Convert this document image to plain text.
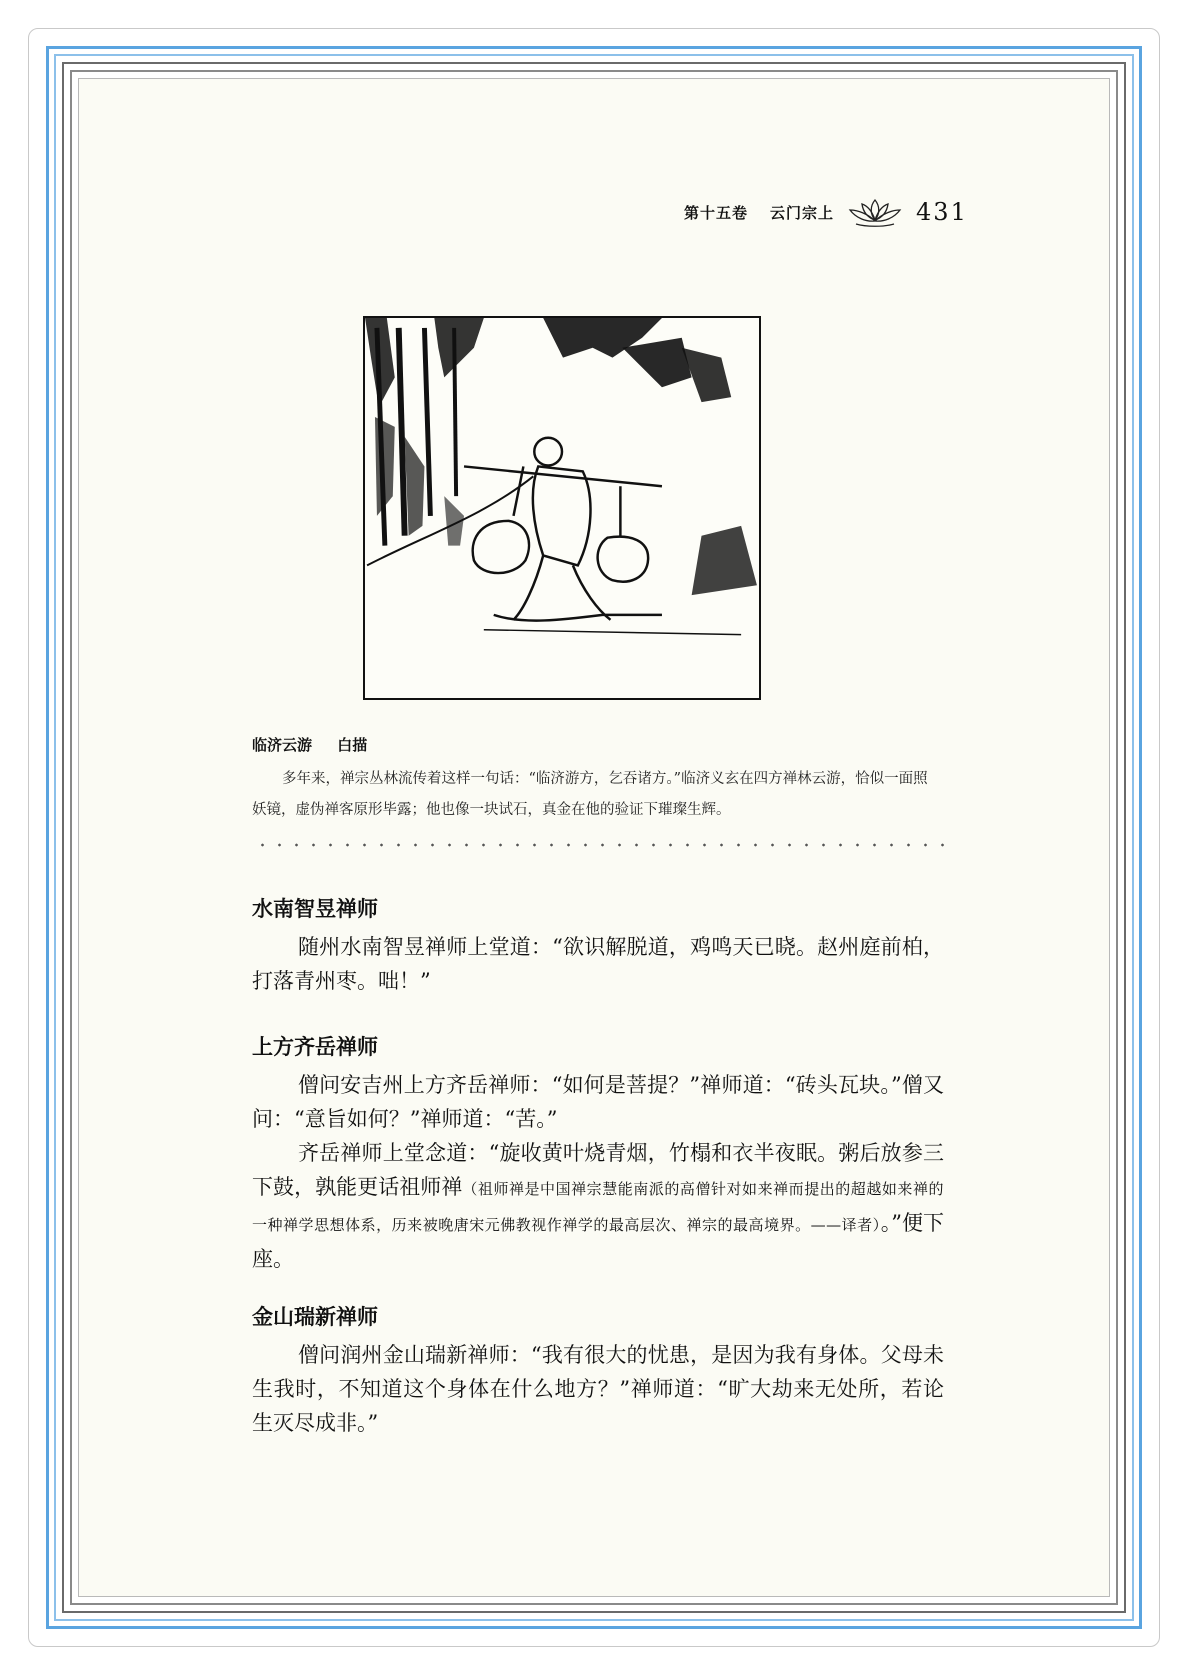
第十五卷 云门宗上	431
临济云游 白描
多年来，禅宗丛林流传着这样一句话：“临济游方，乞吞诸方。”临济义玄在四方禅林云游，恰似一面照妖镜，虚伪禅客原形毕露；他也像一块试石，真金在他的验证下璀璨生辉。
水南智昱禅师

随州水南智昱禅师上堂道：“欲识解脱道，鸡鸣天已晓。赵州庭前柏，打落青州枣。咄！”

上方齐岳禅师

僧问安吉州上方齐岳禅师：“如何是菩提？”禅师道：“砖头瓦块。”僧又问：“意旨如何？”禅师道：“苦。”

齐岳禅师上堂念道：“旋收黄叶烧青烟，竹榻和衣半夜眠。粥后放参三下鼓，孰能更话祖师禅（祖师禅是中国禅宗慧能南派的高僧针对如来禅而提出的超越如来禅的一种禅学思想体系，历来被晚唐宋元佛教视作禅学的最高层次、禅宗的最高境界。——译者）。”便下座。

金山瑞新禅师

僧问润州金山瑞新禅师：“我有很大的忧患，是因为我有身体。父母未生我时，不知道这个身体在什么地方？”禅师道：“旷大劫来无处所，若论生灭尽成非。”
